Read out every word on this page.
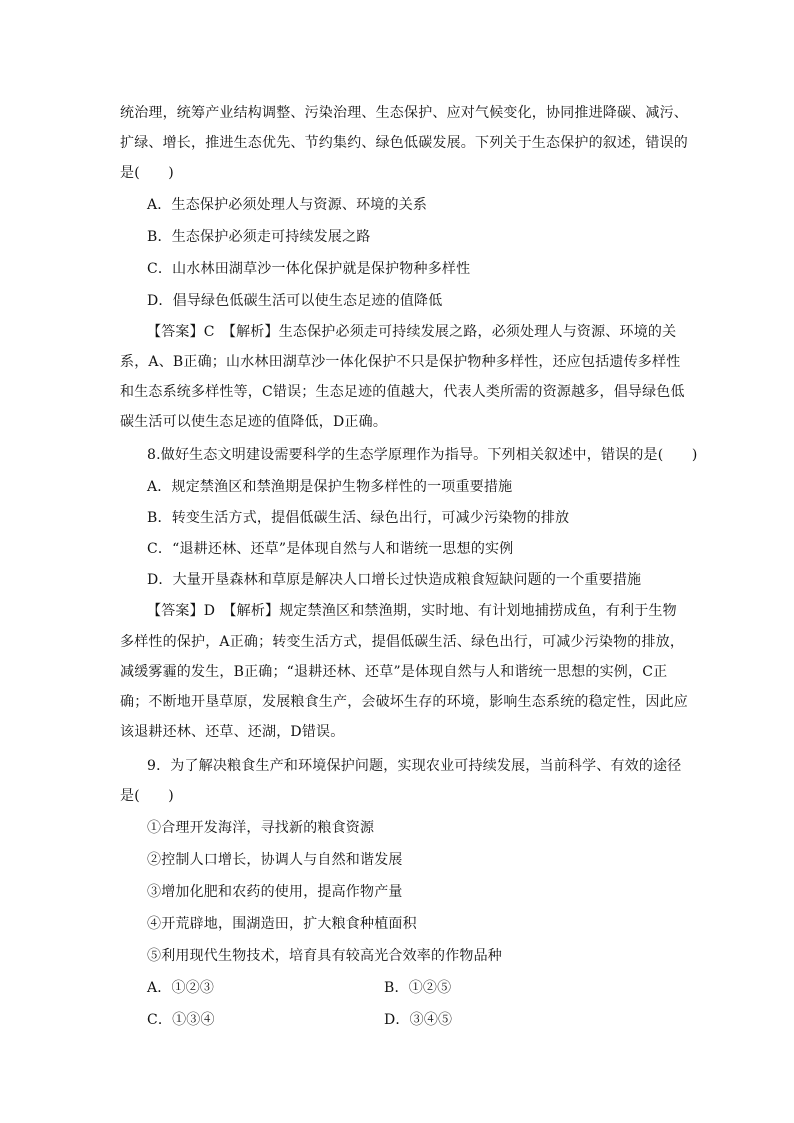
统治理，统筹产业结构调整、污染治理、生态保护、应对气候变化，协同推进降碳、减污、
扩绿、增长，推进生态优先、节约集约、绿色低碳发展。下列关于生态保护的叙述，错误的
是(　　)
A．生态保护必须处理人与资源、环境的关系
B．生态保护必须走可持续发展之路
C．山水林田湖草沙一体化保护就是保护物种多样性
D．倡导绿色低碳生活可以使生态足迹的值降低
【答案】C　【解析】生态保护必须走可持续发展之路，必须处理人与资源、环境的关
系，A、B正确；山水林田湖草沙一体化保护不只是保护物种多样性，还应包括遗传多样性
和生态系统多样性等，C错误；生态足迹的值越大，代表人类所需的资源越多，倡导绿色低
碳生活可以使生态足迹的值降低，D正确。
8.做好生态文明建设需要科学的生态学原理作为指导。下列相关叙述中，错误的是(　　)
A．规定禁渔区和禁渔期是保护生物多样性的一项重要措施
B．转变生活方式，提倡低碳生活、绿色出行，可减少污染物的排放
C．“退耕还林、还草”是体现自然与人和谐统一思想的实例
D．大量开垦森林和草原是解决人口增长过快造成粮食短缺问题的一个重要措施
【答案】D　【解析】规定禁渔区和禁渔期，实时地、有计划地捕捞成鱼，有利于生物
多样性的保护，A正确；转变生活方式，提倡低碳生活、绿色出行，可减少污染物的排放，
减缓雾霾的发生，B正确；“退耕还林、还草”是体现自然与人和谐统一思想的实例，C正
确；不断地开垦草原，发展粮食生产，会破坏生存的环境，影响生态系统的稳定性，因此应
该退耕还林、还草、还湖，D错误。
9．为了解决粮食生产和环境保护问题，实现农业可持续发展，当前科学、有效的途径
是(　　)
①合理开发海洋，寻找新的粮食资源
②控制人口增长，协调人与自然和谐发展
③增加化肥和农药的使用，提高作物产量
④开荒辟地，围湖造田，扩大粮食种植面积
⑤利用现代生物技术，培育具有较高光合效率的作物品种
A．①②③	B．①②⑤
C．①③④	D．③④⑤
